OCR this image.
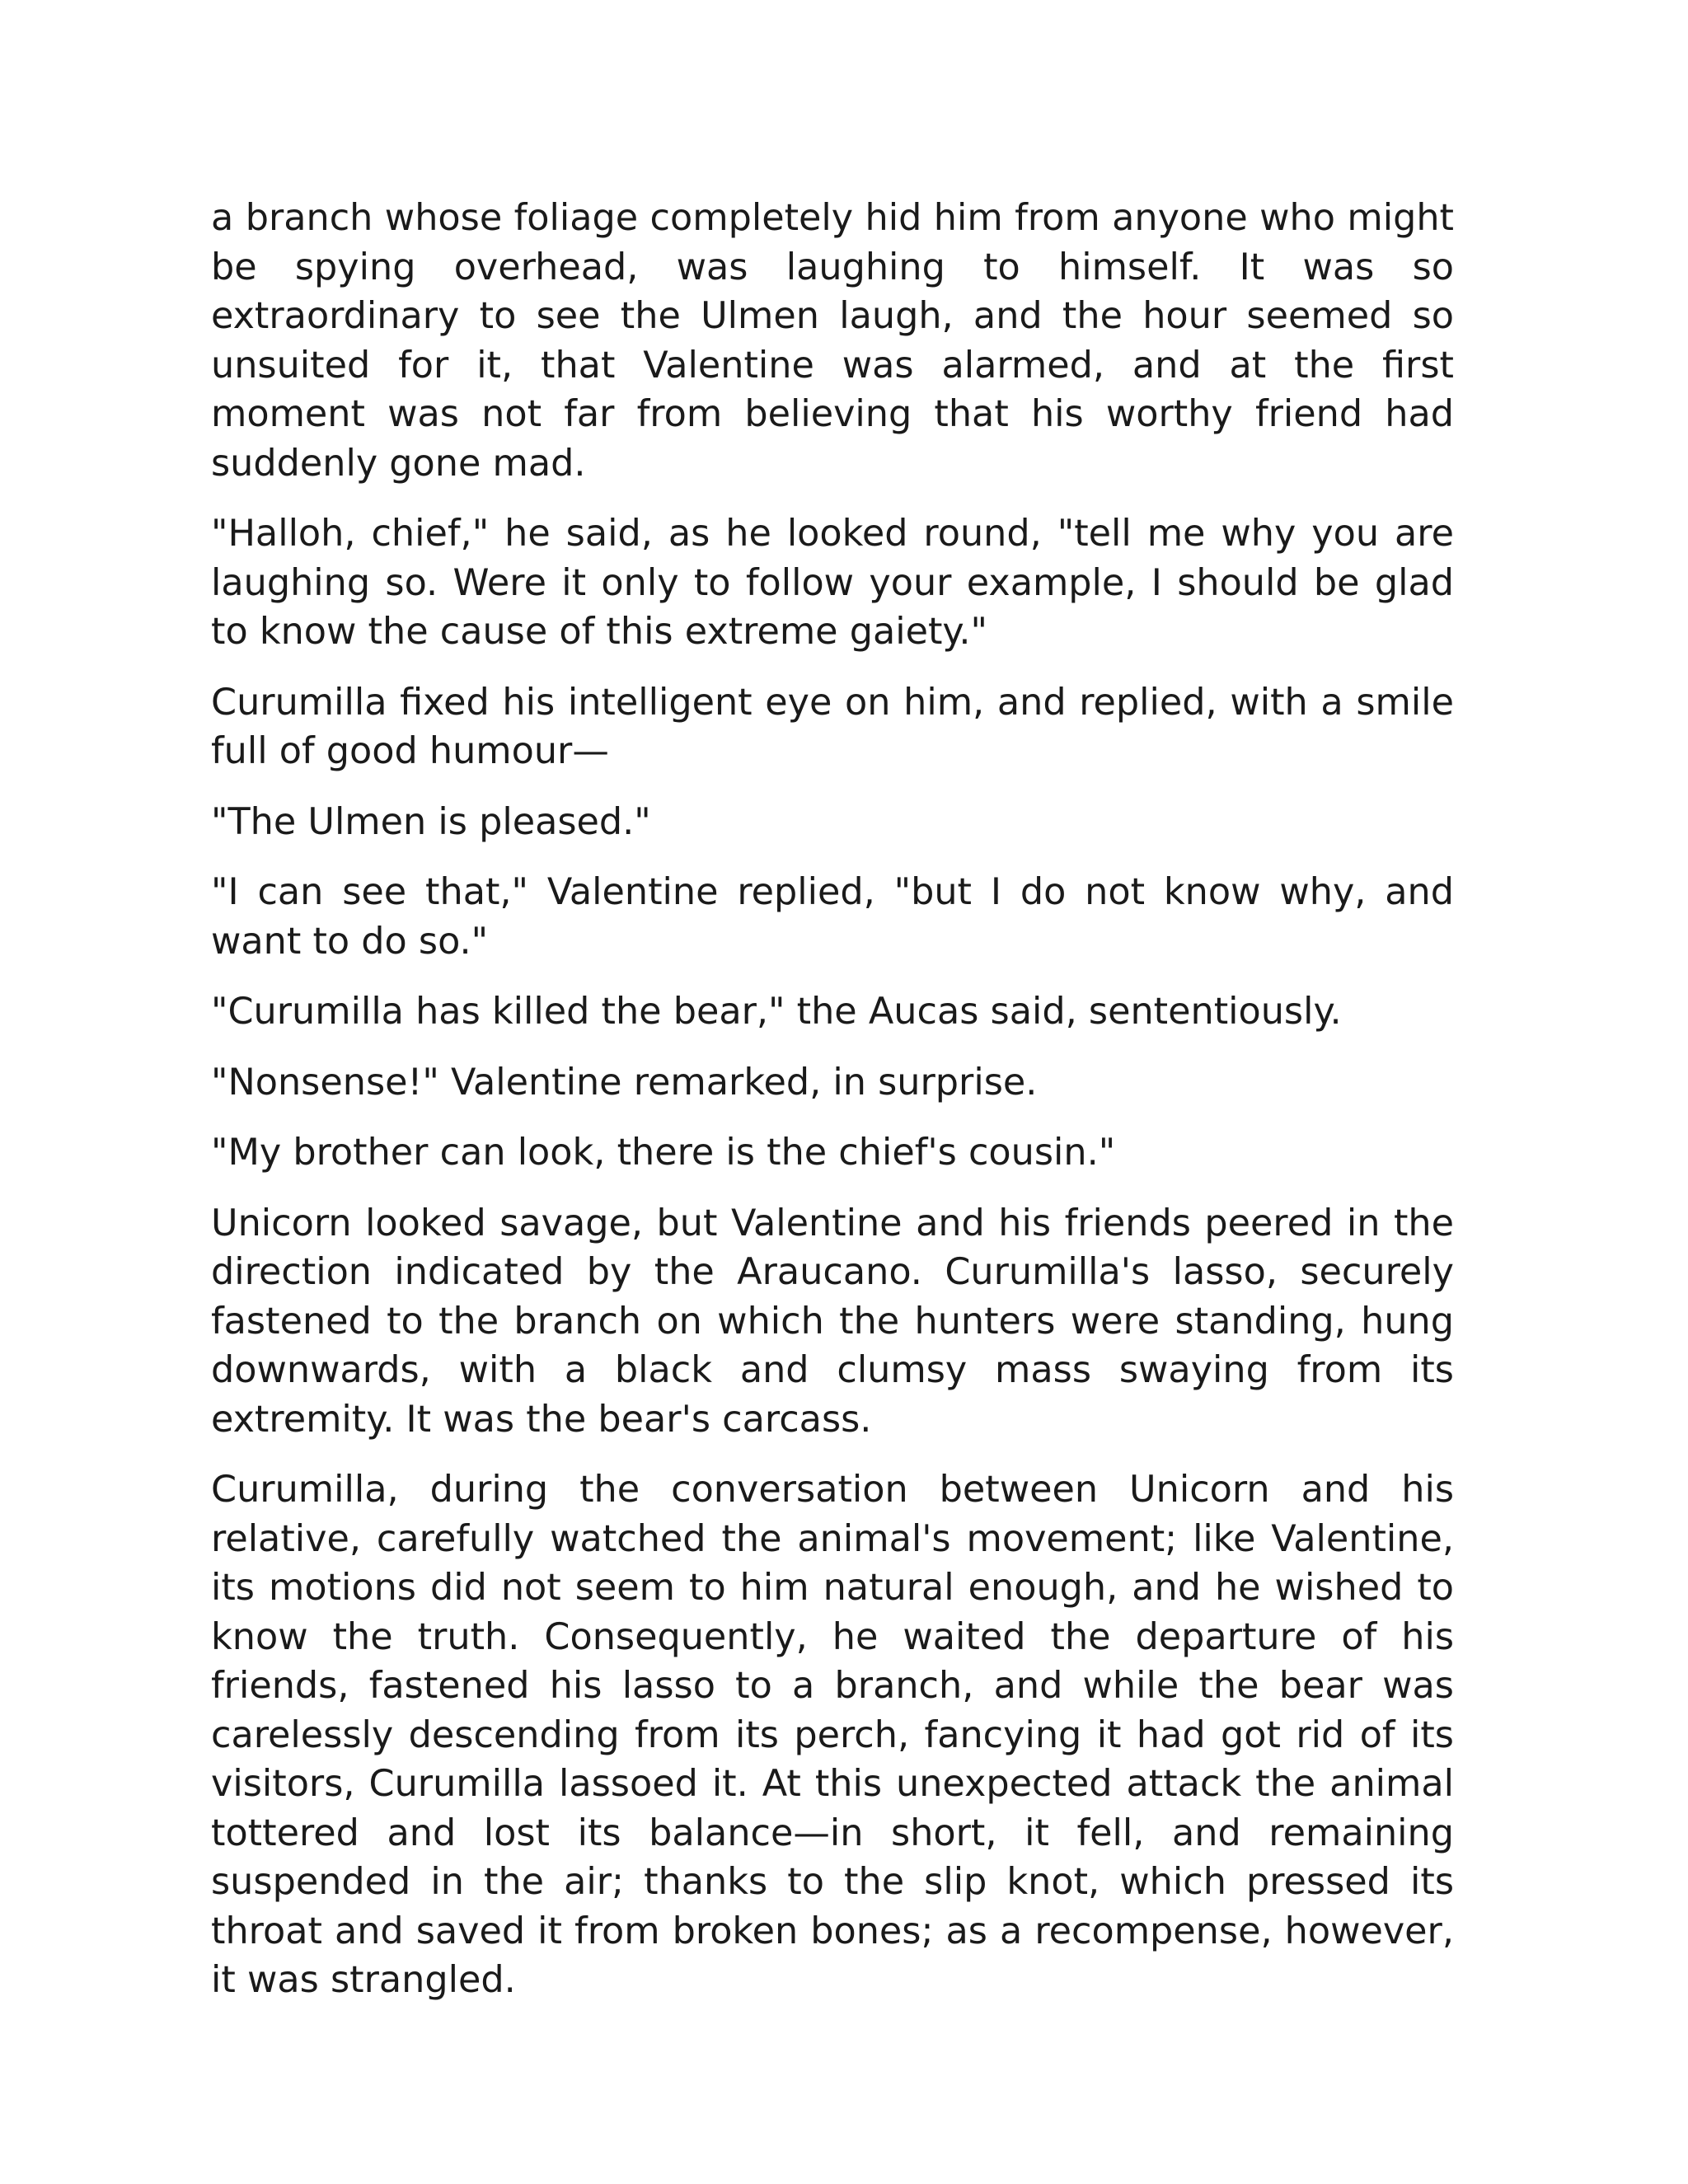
a branch whose foliage completely hid him from anyone who might be spying overhead, was laughing to himself. It was so extraordinary to see the Ulmen laugh, and the hour seemed so unsuited for it, that Valentine was alarmed, and at the first moment was not far from believing that his worthy friend had suddenly gone mad.

"Halloh, chief," he said, as he looked round, "tell me why you are laughing so. Were it only to follow your example, I should be glad to know the cause of this extreme gaiety."

Curumilla fixed his intelligent eye on him, and replied, with a smile full of good humour—

"The Ulmen is pleased."

"I can see that," Valentine replied, "but I do not know why, and want to do so."

"Curumilla has killed the bear," the Aucas said, sententiously.

"Nonsense!" Valentine remarked, in surprise.

"My brother can look, there is the chief's cousin."

Unicorn looked savage, but Valentine and his friends peered in the direction indicated by the Araucano. Curumilla's lasso, securely fastened to the branch on which the hunters were standing, hung downwards, with a black and clumsy mass swaying from its extremity. It was the bear's carcass.

Curumilla, during the conversation between Unicorn and his relative, carefully watched the animal's movement; like Valentine, its motions did not seem to him natural enough, and he wished to know the truth. Consequently, he waited the departure of his friends, fastened his lasso to a branch, and while the bear was carelessly descending from its perch, fancying it had got rid of its visitors, Curumilla lassoed it. At this unexpected attack the animal tottered and lost its balance—in short, it fell, and remaining suspended in the air; thanks to the slip knot, which pressed its throat and saved it from broken bones; as a recompense, however, it was strangled.
